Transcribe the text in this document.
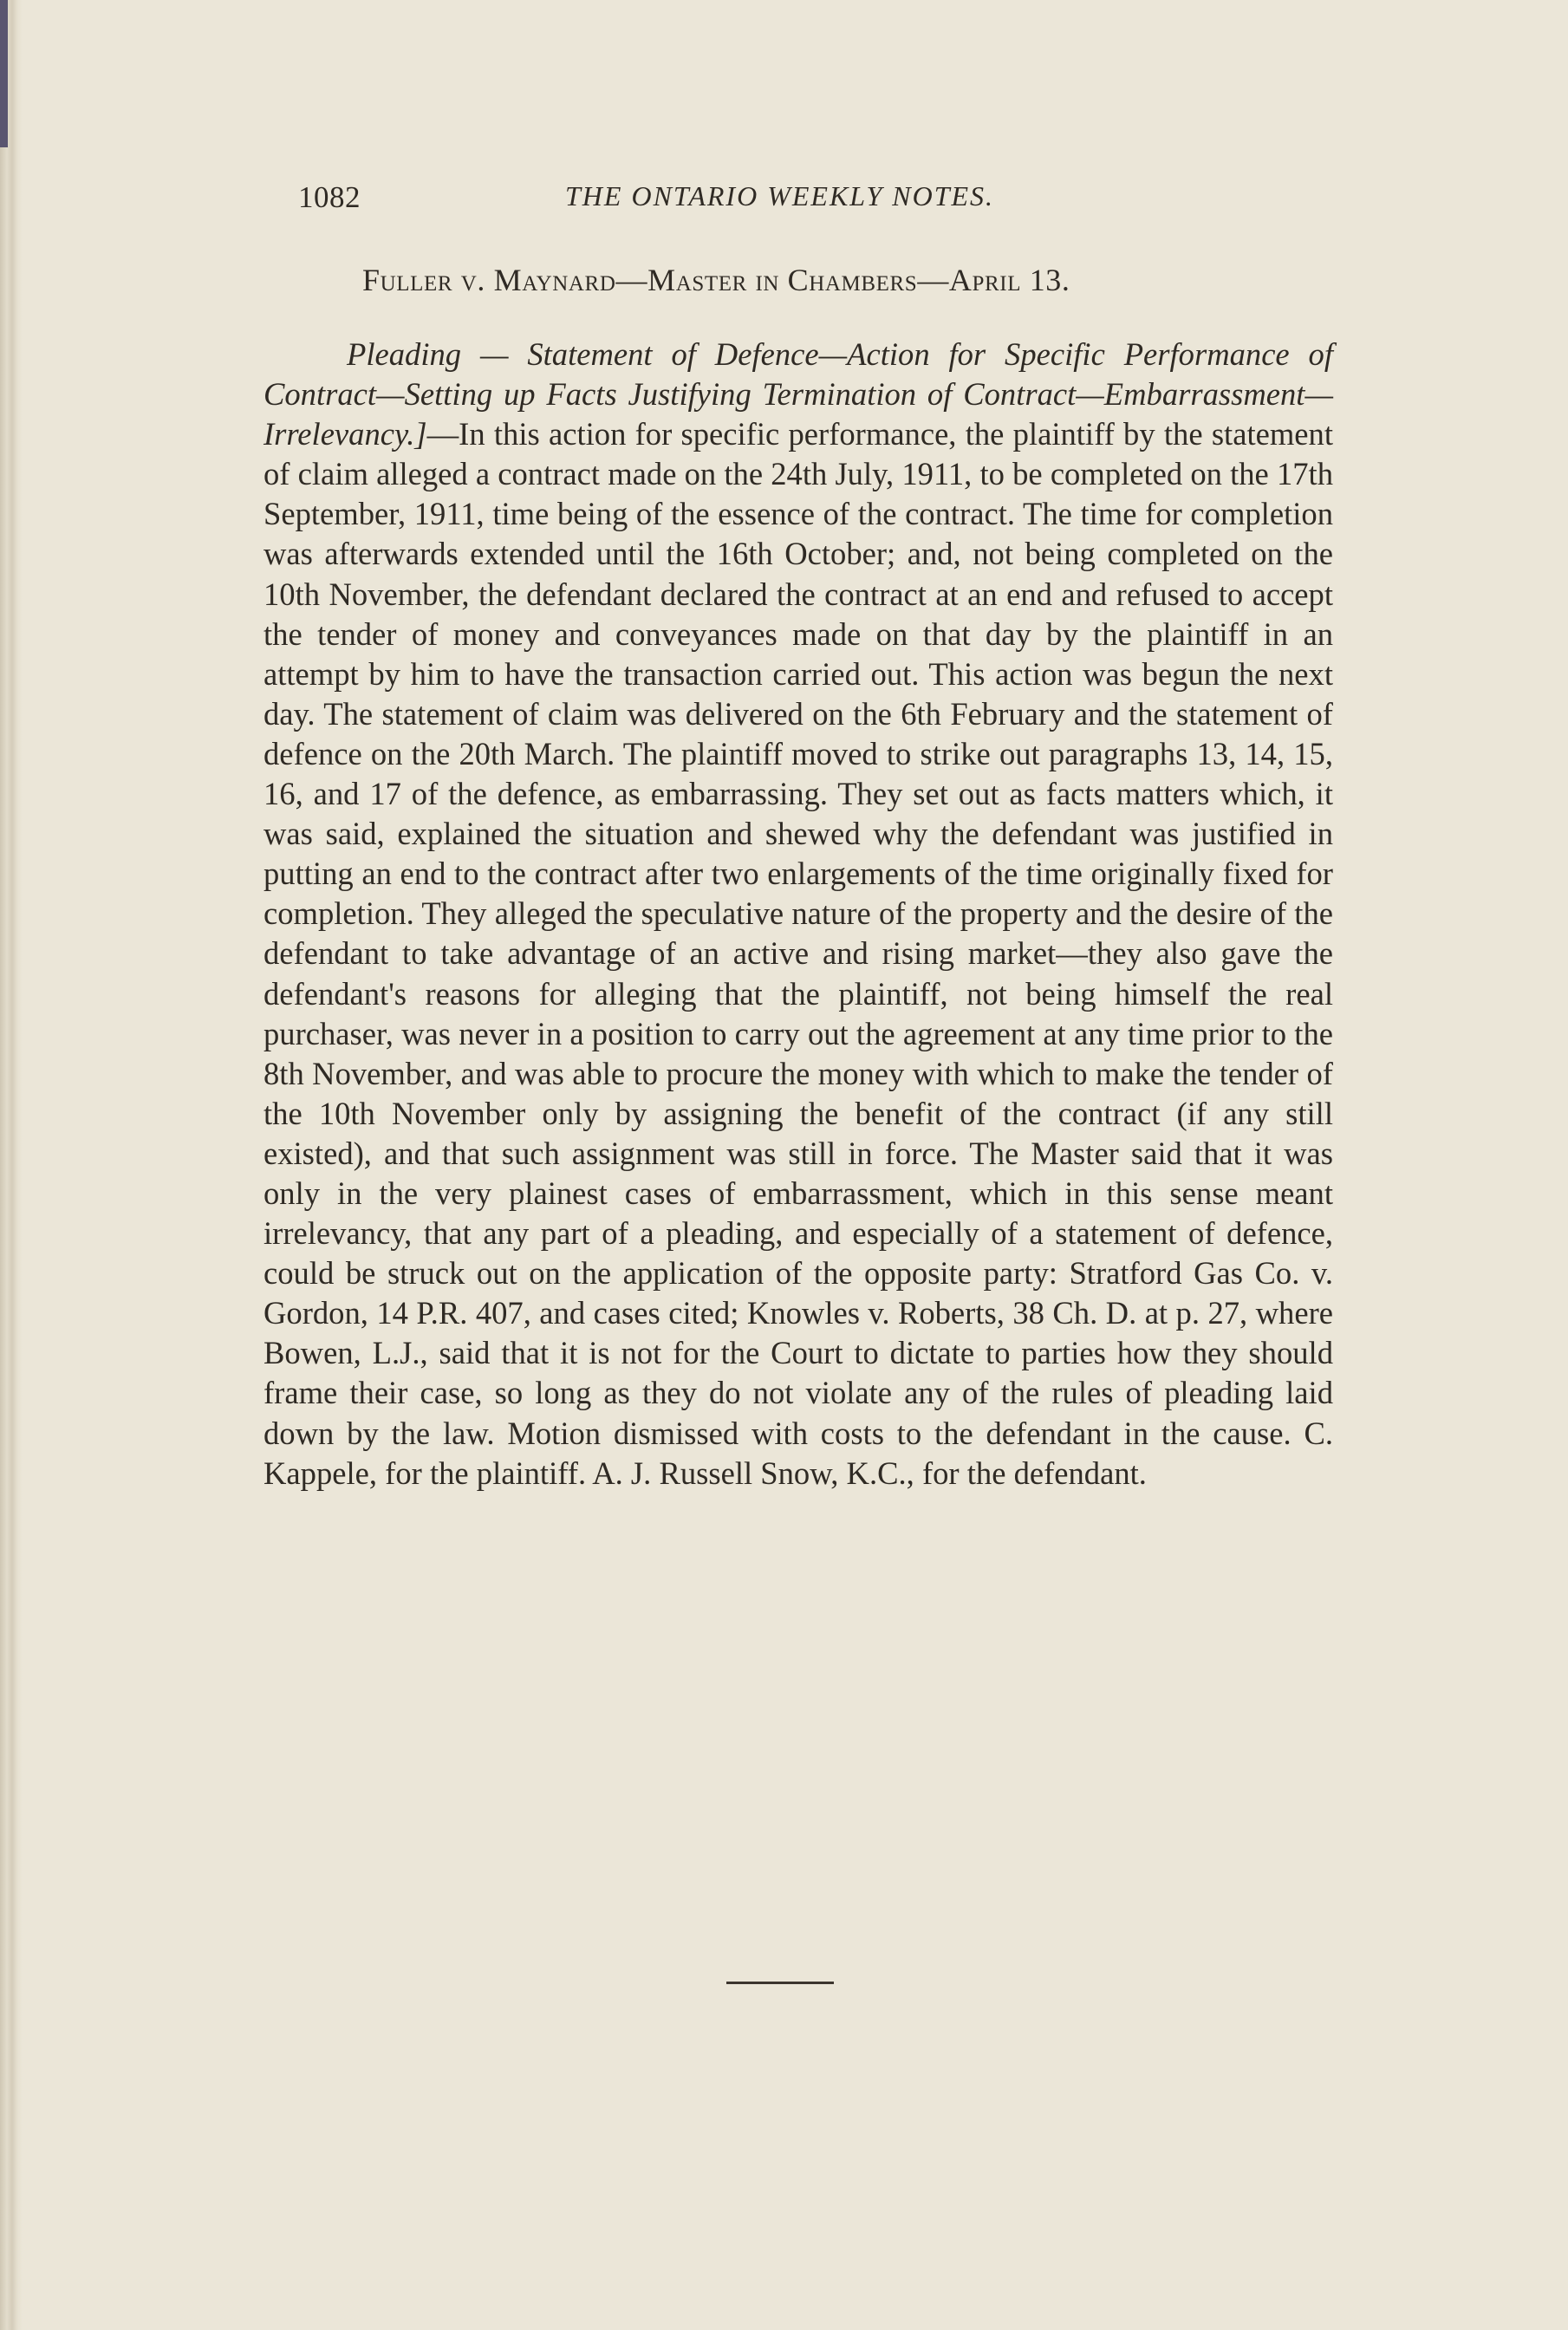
1082	THE ONTARIO WEEKLY NOTES.
Fuller v. Maynard—Master in Chambers—April 13.

Pleading — Statement of Defence—Action for Specific Performance of Contract—Setting up Facts Justifying Termination of Contract—Embarrassment—Irrelevancy.]—In this action for specific performance, the plaintiff by the statement of claim alleged a contract made on the 24th July, 1911, to be completed on the 17th September, 1911, time being of the essence of the contract. The time for completion was afterwards extended until the 16th October; and, not being completed on the 10th November, the defendant declared the contract at an end and refused to accept the tender of money and conveyances made on that day by the plaintiff in an attempt by him to have the transaction carried out. This action was begun the next day. The statement of claim was delivered on the 6th February and the statement of defence on the 20th March. The plaintiff moved to strike out paragraphs 13, 14, 15, 16, and 17 of the defence, as embarrassing. They set out as facts matters which, it was said, explained the situation and shewed why the defendant was justified in putting an end to the contract after two enlargements of the time originally fixed for completion. They alleged the speculative nature of the property and the desire of the defendant to take advantage of an active and rising market—they also gave the defendant's reasons for alleging that the plaintiff, not being himself the real purchaser, was never in a position to carry out the agreement at any time prior to the 8th November, and was able to procure the money with which to make the tender of the 10th November only by assigning the benefit of the contract (if any still existed), and that such assignment was still in force. The Master said that it was only in the very plainest cases of embarrassment, which in this sense meant irrelevancy, that any part of a pleading, and especially of a statement of defence, could be struck out on the application of the opposite party: Stratford Gas Co. v. Gordon, 14 P.R. 407, and cases cited; Knowles v. Roberts, 38 Ch. D. at p. 27, where Bowen, L.J., said that it is not for the Court to dictate to parties how they should frame their case, so long as they do not violate any of the rules of pleading laid down by the law. Motion dismissed with costs to the defendant in the cause. C. Kappele, for the plaintiff. A. J. Russell Snow, K.C., for the defendant.
